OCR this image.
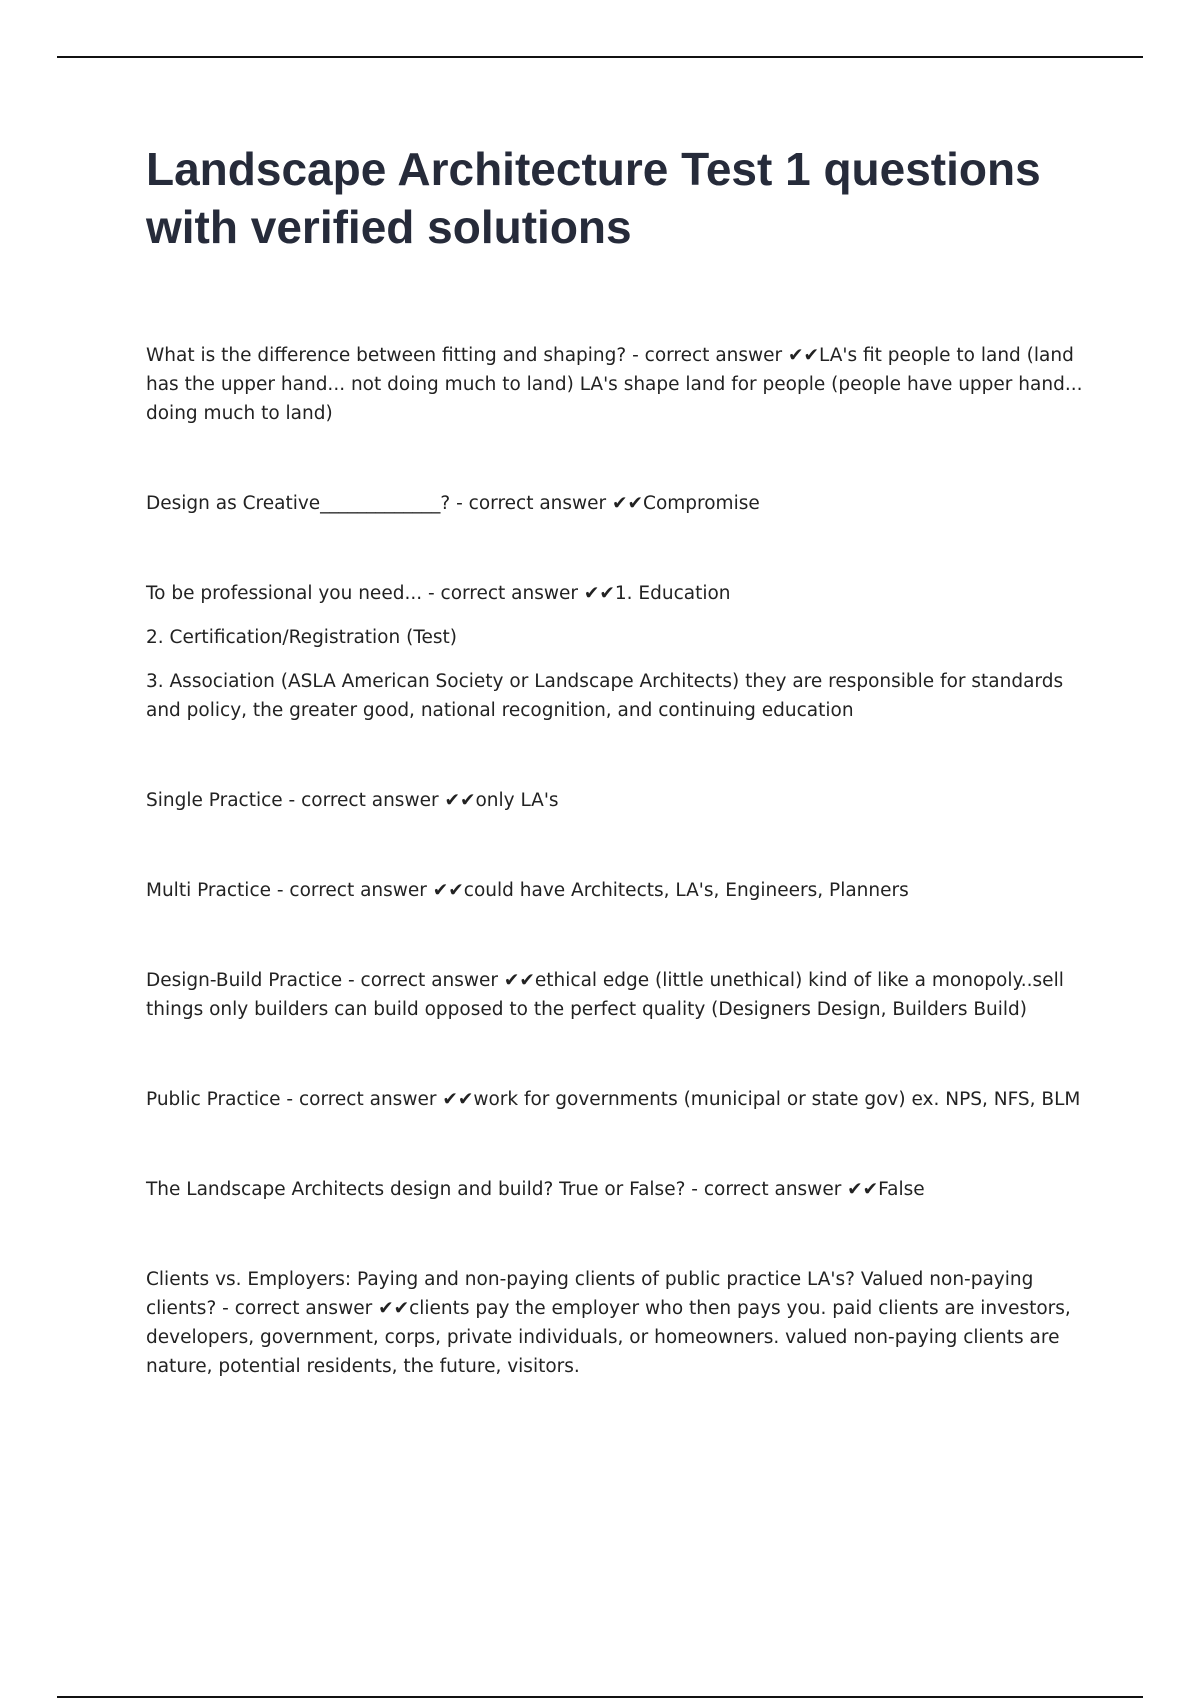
Landscape Architecture Test 1 questions with verified solutions

What is the difference between fitting and shaping? - correct answer ✔✔LA's fit people to land (land has the upper hand... not doing much to land) LA's shape land for people (people have upper hand... doing much to land)

Design as Creative_____________? - correct answer ✔✔Compromise

To be professional you need... - correct answer ✔✔1. Education

2. Certification/Registration (Test)

3. Association (ASLA American Society or Landscape Architects) they are responsible for standards and policy, the greater good, national recognition, and continuing education

Single Practice - correct answer ✔✔only LA's

Multi Practice - correct answer ✔✔could have Architects, LA's, Engineers, Planners

Design-Build Practice - correct answer ✔✔ethical edge (little unethical) kind of like a monopoly..sell things only builders can build opposed to the perfect quality (Designers Design, Builders Build)

Public Practice - correct answer ✔✔work for governments (municipal or state gov) ex. NPS, NFS, BLM

The Landscape Architects design and build? True or False? - correct answer ✔✔False

Clients vs. Employers: Paying and non-paying clients of public practice LA's? Valued non-paying clients? - correct answer ✔✔clients pay the employer who then pays you. paid clients are investors, developers, government, corps, private individuals, or homeowners. valued non-paying clients are nature, potential residents, the future, visitors.
